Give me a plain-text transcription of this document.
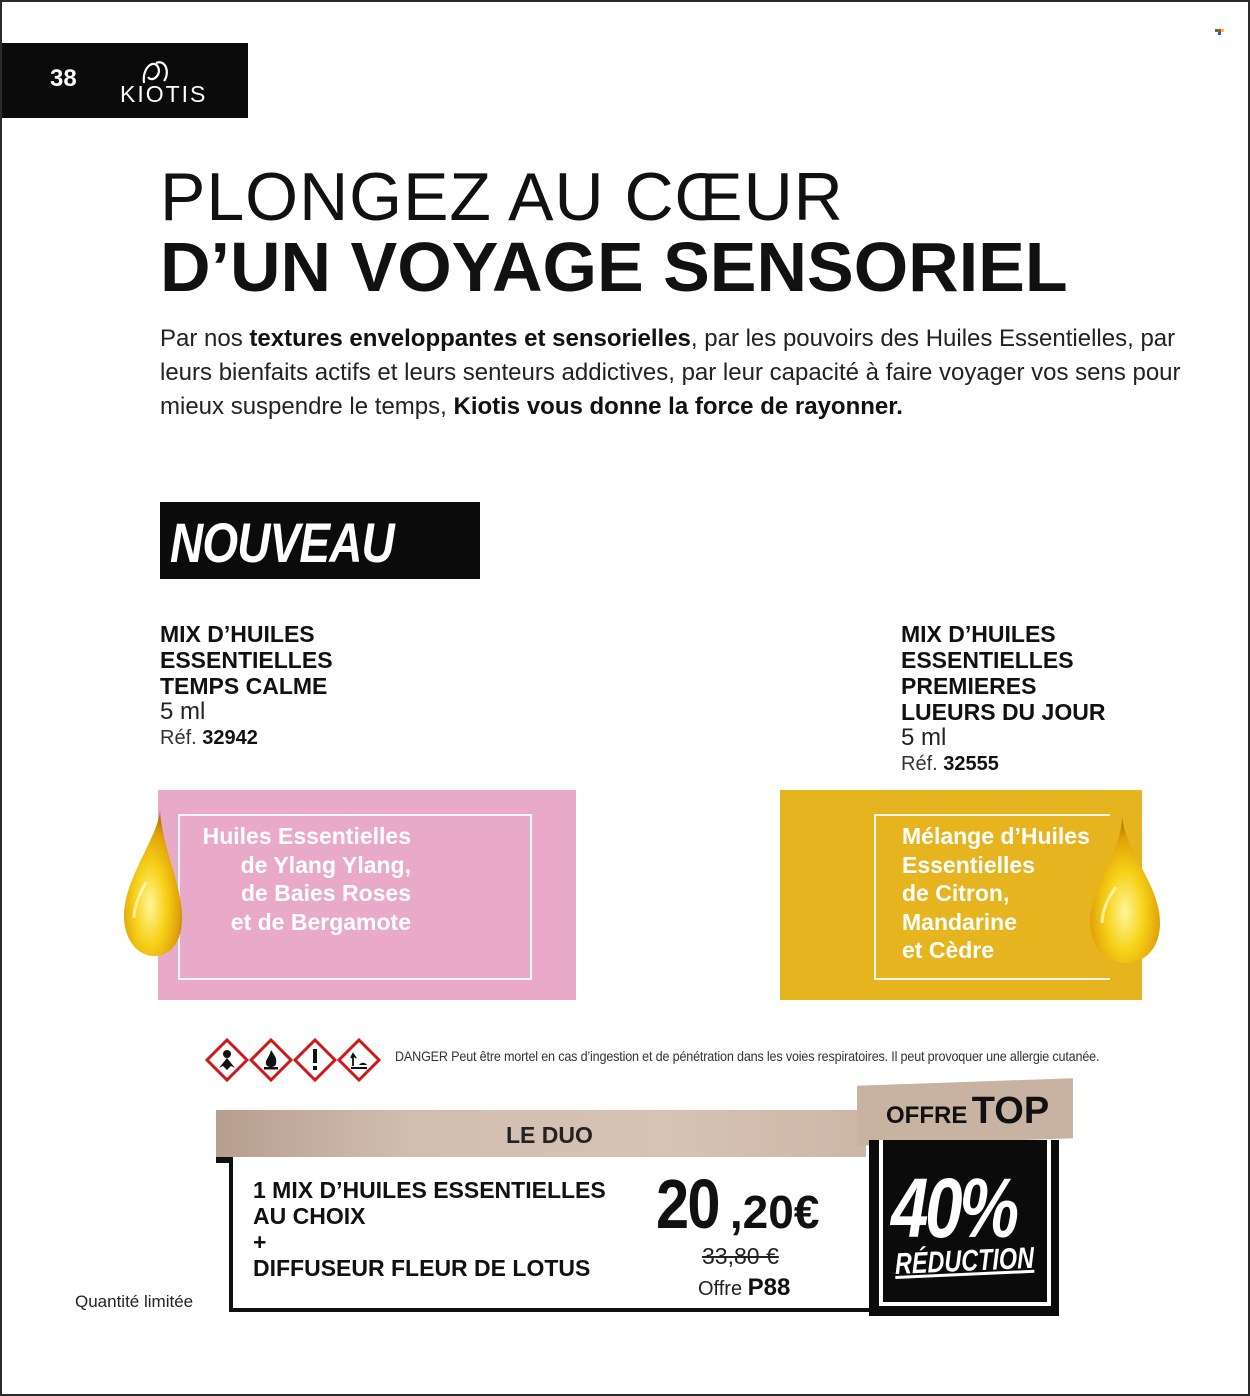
38
KIOTIS
PLONGEZ AU CŒUR
D’UN VOYAGE SENSORIEL

Par nos textures enveloppantes et sensorielles, par les pouvoirs des Huiles Essentielles, par leurs bienfaits actifs et leurs senteurs addictives, par leur capacité à faire voyager vos sens pour mieux suspendre le temps, Kiotis vous donne la force de rayonner.

NOUVEAU
MIX D’HUILES
ESSENTIELLES
TEMPS CALME
5 ml
Réf. 32942
MIX D’HUILES
ESSENTIELLES
PREMIERES
LUEURS DU JOUR
5 ml
Réf. 32555
Huiles Essentielles
de Ylang Ylang,
de Baies Roses
et de Bergamote
Mélange d’Huiles
Essentielles
de Citron,
Mandarine
et Cèdre
DANGER Peut être mortel en cas d’ingestion et de pénétration dans les voies respiratoires. Il peut provoquer une allergie cutanée.
LE DUO
1 MIX D’HUILES ESSENTIELLES
AU CHOIX
+
DIFFUSEUR FLEUR DE LOTUS
20 ,20€
33,80 €
Offre P88
OFFRE TOP
40%
RÉDUCTION
Quantité limitée
